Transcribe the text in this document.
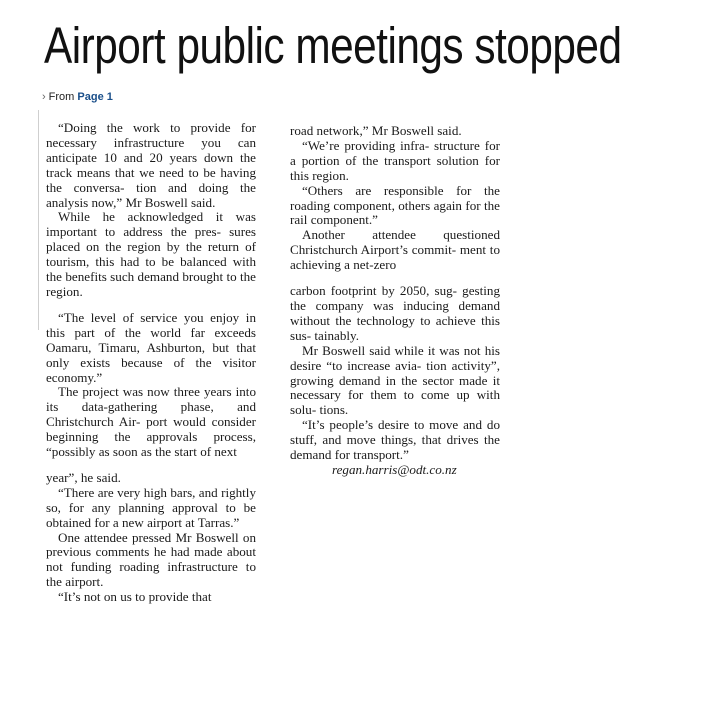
Airport public meetings stopped
› From Page 1

“Doing the work to provide for necessary infrastructure you can anticipate 10 and 20 years down the track means that we need to be having the conversa- tion and doing the analysis now,” Mr Boswell said.

While he acknowledged it was important to address the pres- sures placed on the region by the return of tourism, this had to be balanced with the benefits such demand brought to the region.

“The level of service you enjoy in this part of the world far exceeds Oamaru, Timaru, Ashburton, but that only exists because of the visitor economy.”

The project was now three years into its data-gathering phase, and Christchurch Air- port would consider beginning the approvals process, “possibly as soon as the start of next

year”, he said.

“There are very high bars, and rightly so, for any planning approval to be obtained for a new airport at Tarras.”

One attendee pressed Mr Boswell on previous comments he had made about not funding roading infrastructure to the airport.

“It’s not on us to provide that

road network,” Mr Boswell said.

“We’re providing infra- structure for a portion of the transport solution for this region.

“Others are responsible for the roading component, others again for the rail component.”

Another attendee questioned Christchurch Airport’s commit- ment to achieving a net-zero

carbon footprint by 2050, sug- gesting the company was inducing demand without the technology to achieve this sus- tainably.

Mr Boswell said while it was not his desire “to increase avia- tion activity”, growing demand in the sector made it necessary for them to come up with solu- tions.

“It’s people’s desire to move and do stuff, and move things, that drives the demand for transport.”

regan.harris@odt.co.nz
